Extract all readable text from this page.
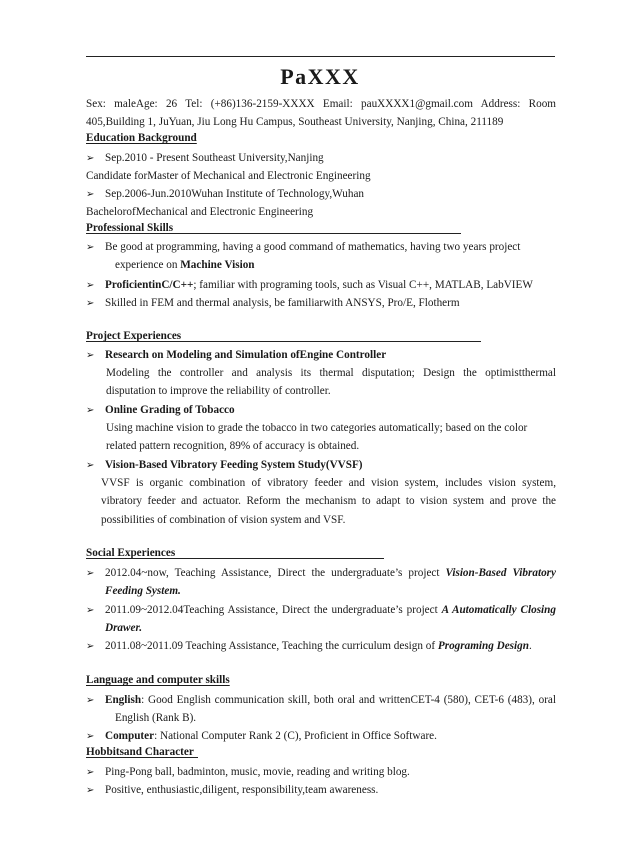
PaXXX
Sex: maleAge: 26 Tel: (+86)136-2159-XXXX Email: pauXXXX1@gmail.com Address: Room
405,Building 1, JuYuan, Jiu Long Hu Campus, Southeast University, Nanjing, China, 211189
Education Background
➢ Sep.2010 - Present Southeast University,Nanjing
Candidate forMaster of Mechanical and Electronic Engineering
➢ Sep.2006-Jun.2010Wuhan Institute of Technology,Wuhan
BachelorofMechanical and Electronic Engineering
Professional Skills
➢ Be good at programming, having a good command of mathematics, having two years project
experience on Machine Vision
➢ ProficientinC/C++; familiar with programing tools, such as Visual C++, MATLAB, LabVIEW
➢ Skilled in FEM and thermal analysis, be familiarwith ANSYS, Pro/E, Flotherm
Project Experiences
➢ Research on Modeling and Simulation ofEngine Controller
Modeling the controller and analysis its thermal disputation; Design the optimistthermal
disputation to improve the reliability of controller.
➢ Online Grading of Tobacco
Using machine vision to grade the tobacco in two categories automatically; based on the color
related pattern recognition, 89% of accuracy is obtained.
➢ Vision-Based Vibratory Feeding System Study(VVSF)
VVSF is organic combination of vibratory feeder and vision system, includes vision system,
vibratory feeder and actuator. Reform the mechanism to adapt to vision system and prove the
possibilities of combination of vision system and VSF.
Social Experiences
➢ 2012.04~now, Teaching Assistance, Direct the undergraduate’s project Vision-Based Vibratory
Feeding System.
➢ 2011.09~2012.04Teaching Assistance, Direct the undergraduate’s project A Automatically Closing
Drawer.
➢ 2011.08~2011.09 Teaching Assistance, Teaching the curriculum design of Programing Design.
Language and computer skills
➢ English: Good English communication skill, both oral and writtenCET-4 (580), CET-6 (483), oral
English (Rank B).
➢ Computer: National Computer Rank 2 (C), Proficient in Office Software.
Hobbitsand Character
➢ Ping-Pong ball, badminton, music, movie, reading and writing blog.
➢ Positive, enthusiastic,diligent, responsibility,team awareness.
